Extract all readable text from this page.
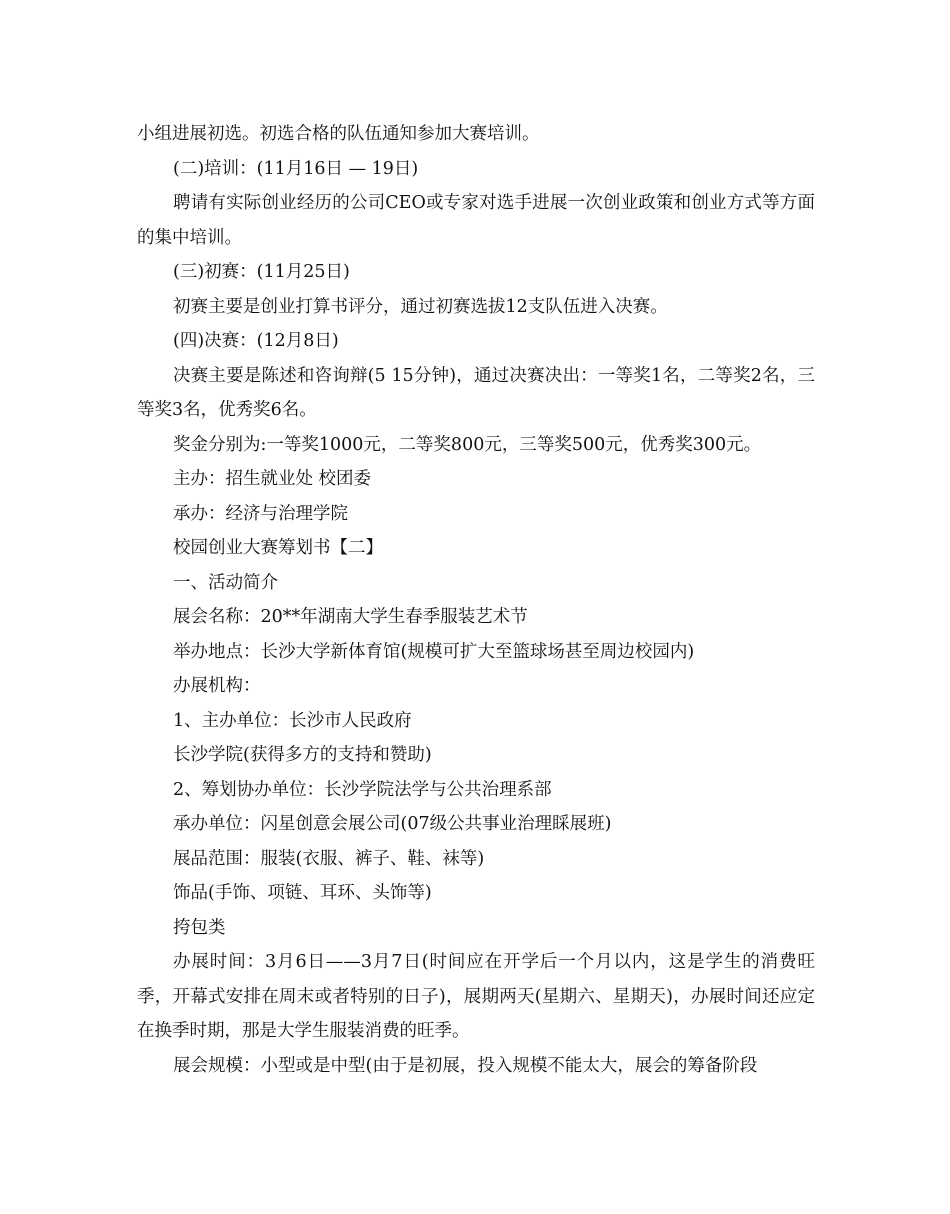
小组进展初选。初选合格的队伍通知参加大赛培训。

(二)培训：(11月16日 — 19日)

聘请有实际创业经历的公司CEO或专家对选手进展一次创业政策和创业方式等方面的集中培训。

(三)初赛：(11月25日)

初赛主要是创业打算书评分，通过初赛选拔12支队伍进入决赛。

(四)决赛：(12月8日)

决赛主要是陈述和咨询辩(5 15分钟)，通过决赛决出：一等奖1名，二等奖2名，三等奖3名，优秀奖6名。

奖金分别为:一等奖1000元，二等奖800元，三等奖500元，优秀奖300元。

主办：招生就业处 校团委

承办：经济与治理学院

校园创业大赛筹划书【二】

一、活动简介

展会名称：20**年湖南大学生春季服装艺术节

举办地点：长沙大学新体育馆(规模可扩大至篮球场甚至周边校园内)

办展机构：

1、主办单位：长沙市人民政府

长沙学院(获得多方的支持和赞助)

2、筹划协办单位：长沙学院法学与公共治理系部

承办单位：闪星创意会展公司(07级公共事业治理睬展班)

展品范围：服装(衣服、裤子、鞋、袜等)

饰品(手饰、项链、耳环、头饰等)

挎包类

办展时间：3月6日——3月7日(时间应在开学后一个月以内，这是学生的消费旺季，开幕式安排在周末或者特别的日子)，展期两天(星期六、星期天)，办展时间还应定在换季时期，那是大学生服装消费的旺季。

展会规模：小型或是中型(由于是初展，投入规模不能太大，展会的筹备阶段
